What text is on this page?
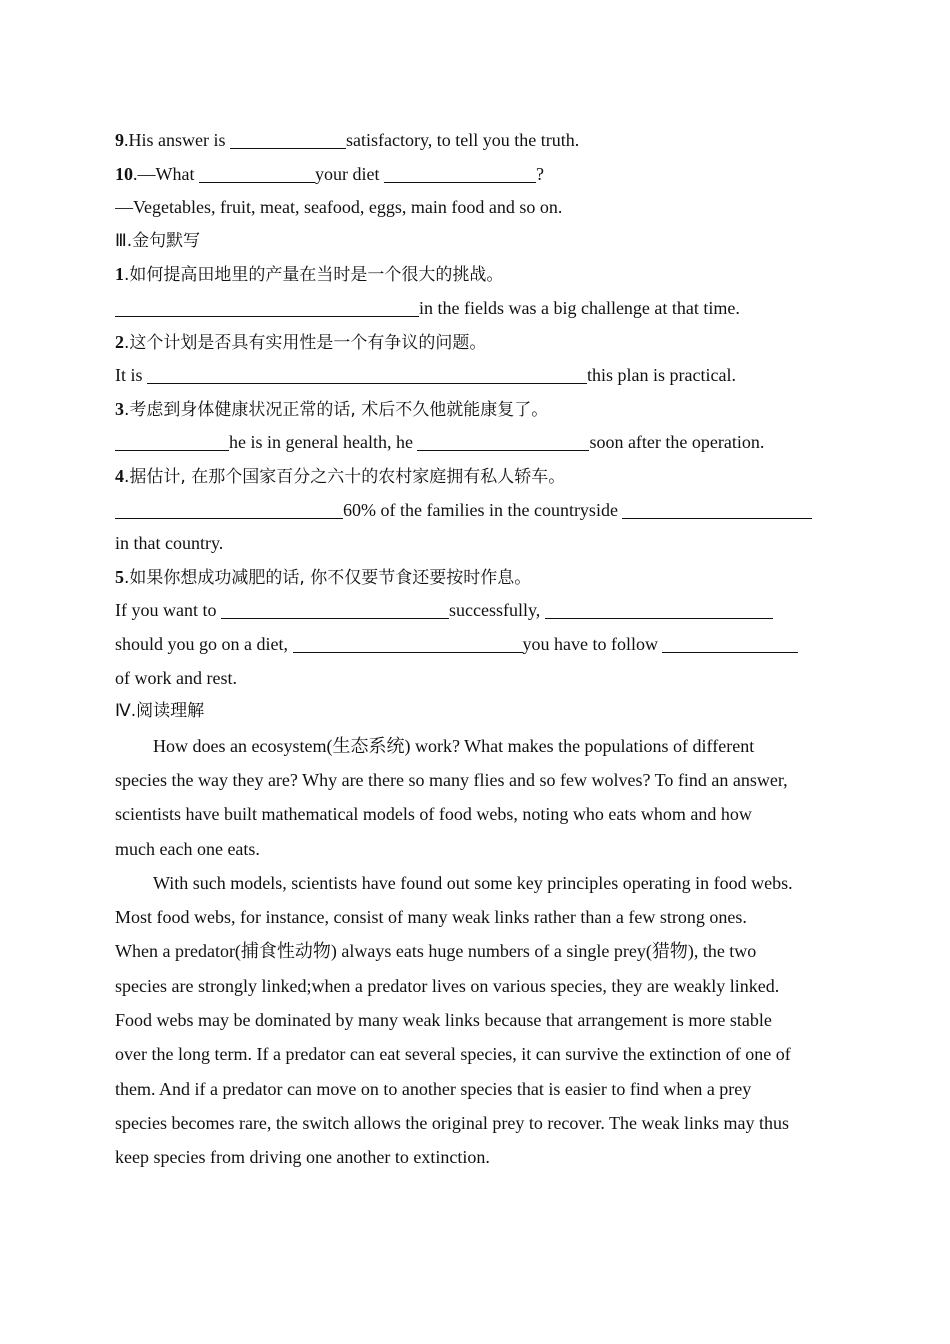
9.His answer is	satisfactory, to tell you the truth.
10.—What	your diet	?
—Vegetables, fruit, meat, seafood, eggs, main food and so on.
Ⅲ.金句默写
1.如何提高田地里的产量在当时是一个很大的挑战。
in the fields was a big challenge at that time.
2.这个计划是否具有实用性是一个有争议的问题。
It is	this plan is practical.
3.考虑到身体健康状况正常的话, 术后不久他就能康复了。
he is in general health, he	soon after the operation.
4.据估计, 在那个国家百分之六十的农村家庭拥有私人轿车。
60% of the families in the countryside
in that country.
5.如果你想成功减肥的话, 你不仅要节食还要按时作息。
If you want to	successfully,
should you go on a diet,	you have to follow
of work and rest.
Ⅳ.阅读理解
How does an ecosystem(生态系统) work? What makes the populations of different
species the way they are? Why are there so many flies and so few wolves? To find an answer,
scientists have built mathematical models of food webs, noting who eats whom and how
much each one eats.
With such models, scientists have found out some key principles operating in food webs.
Most food webs, for instance, consist of many weak links rather than a few strong ones.
When a predator(捕食性动物) always eats huge numbers of a single prey(猎物), the two
species are strongly linked;when a predator lives on various species, they are weakly linked.
Food webs may be dominated by many weak links because that arrangement is more stable
over the long term. If a predator can eat several species, it can survive the extinction of one of
them. And if a predator can move on to another species that is easier to find when a prey
species becomes rare, the switch allows the original prey to recover. The weak links may thus
keep species from driving one another to extinction.
